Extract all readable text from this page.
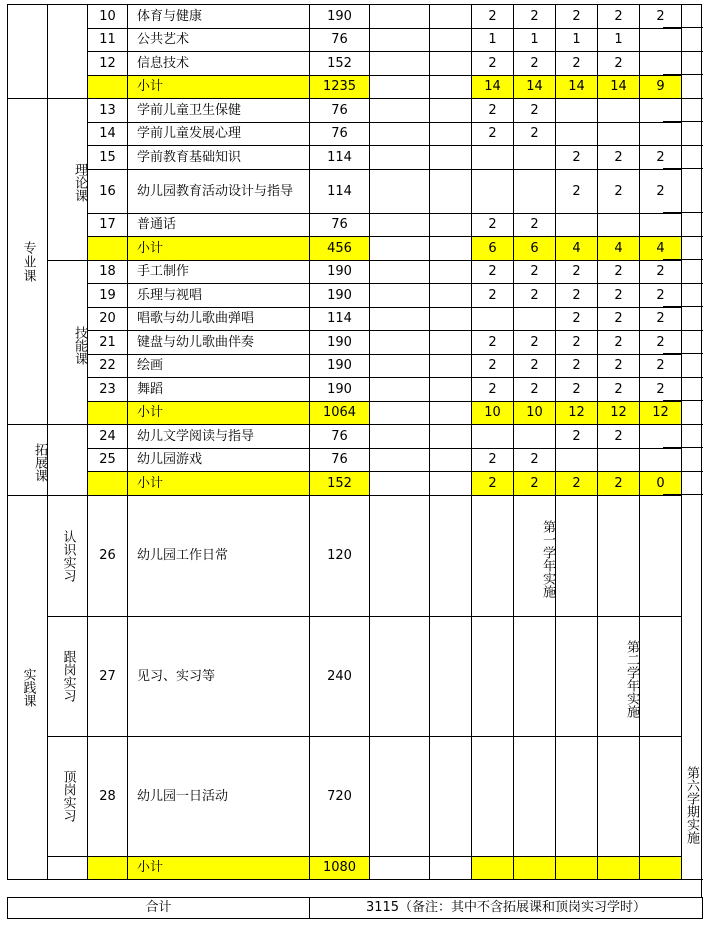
		10	体育与健康	190			2	2	2	2	2
		11	公共艺术	76			1	1	1	1	
		12	信息技术	152			2	2	2	2	
			小计	1235			14	14	14	14	9
专业课	理论课	13	学前儿童卫生保健	76			2	2			
		14	学前儿童发展心理	76			2	2			
		15	学前教育基础知识	114					2	2	2
		16	幼儿园教育活动设计与指导	114					2	2	2
		17	普通话	76			2	2			
			小计	456			6	6	4	4	4
	技能课	18	手工制作	190			2	2	2	2	2
		19	乐理与视唱	190			2	2	2	2	2
		20	唱歌与幼儿歌曲弹唱	114					2	2	2
		21	键盘与幼儿歌曲伴奏	190			2	2	2	2	2
		22	绘画	190			2	2	2	2	2
		23	舞蹈	190			2	2	2	2	2
			小计	1064			10	10	12	12	12
拓展课		24	幼儿文学阅读与指导	76					2	2	
		25	幼儿园游戏	76			2	2			
			小计	152			2	2	2	2	0
实践课	认识实习	26	幼儿园工作日常	120				第一学年实施			
	跟岗实习	27	见习、实习等	240						第二学年实施	
	顶岗实习	28	幼儿园一日活动	720							
			小计	1080							
第六学期实施
合计	3115（备注：其中不含拓展课和顶岗实习学时）
